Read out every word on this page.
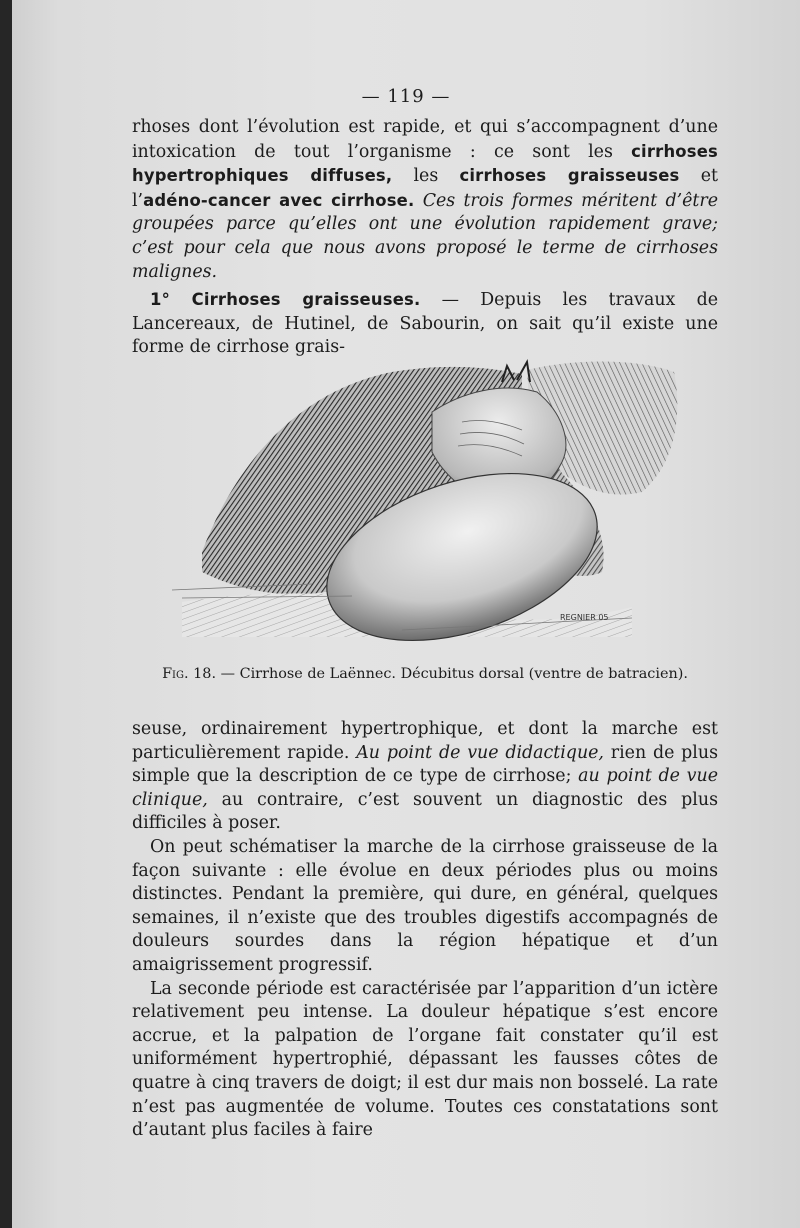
— 119 —

rhoses dont l’évolution est rapide, et qui s’accompagnent d’une intoxication de tout l’organisme : ce sont les cirrhoses hypertrophiques diffuses, les cirrhoses graisseuses et l’adéno-cancer avec cirrhose. Ces trois formes méritent d’être groupées parce qu’elles ont une évolution rapidement grave; c’est pour cela que nous avons proposé le terme de cirrhoses malignes.

1° Cirrhoses graisseuses. — Depuis les travaux de Lancereaux, de Hutinel, de Sabourin, on sait qu’il existe une forme de cirrhose grais-

REGNIER 05
Fig. 18. — Cirrhose de Laënnec. Décubitus dorsal (ventre de batracien).

seuse, ordinairement hypertrophique, et dont la marche est particulièrement rapide. Au point de vue didactique, rien de plus simple que la description de ce type de cirrhose; au point de vue clinique, au contraire, c’est souvent un diagnostic des plus difficiles à poser.

On peut schématiser la marche de la cirrhose graisseuse de la façon suivante : elle évolue en deux périodes plus ou moins distinctes. Pendant la première, qui dure, en général, quelques semaines, il n’existe que des troubles digestifs accompagnés de douleurs sourdes dans la région hépatique et d’un amaigrissement progressif.

La seconde période est caractérisée par l’apparition d’un ictère relativement peu intense. La douleur hépatique s’est encore accrue, et la palpation de l’organe fait constater qu’il est uniformément hypertrophié, dépassant les fausses côtes de quatre à cinq travers de doigt; il est dur mais non bosselé. La rate n’est pas augmentée de volume. Toutes ces constatations sont d’autant plus faciles à faire
